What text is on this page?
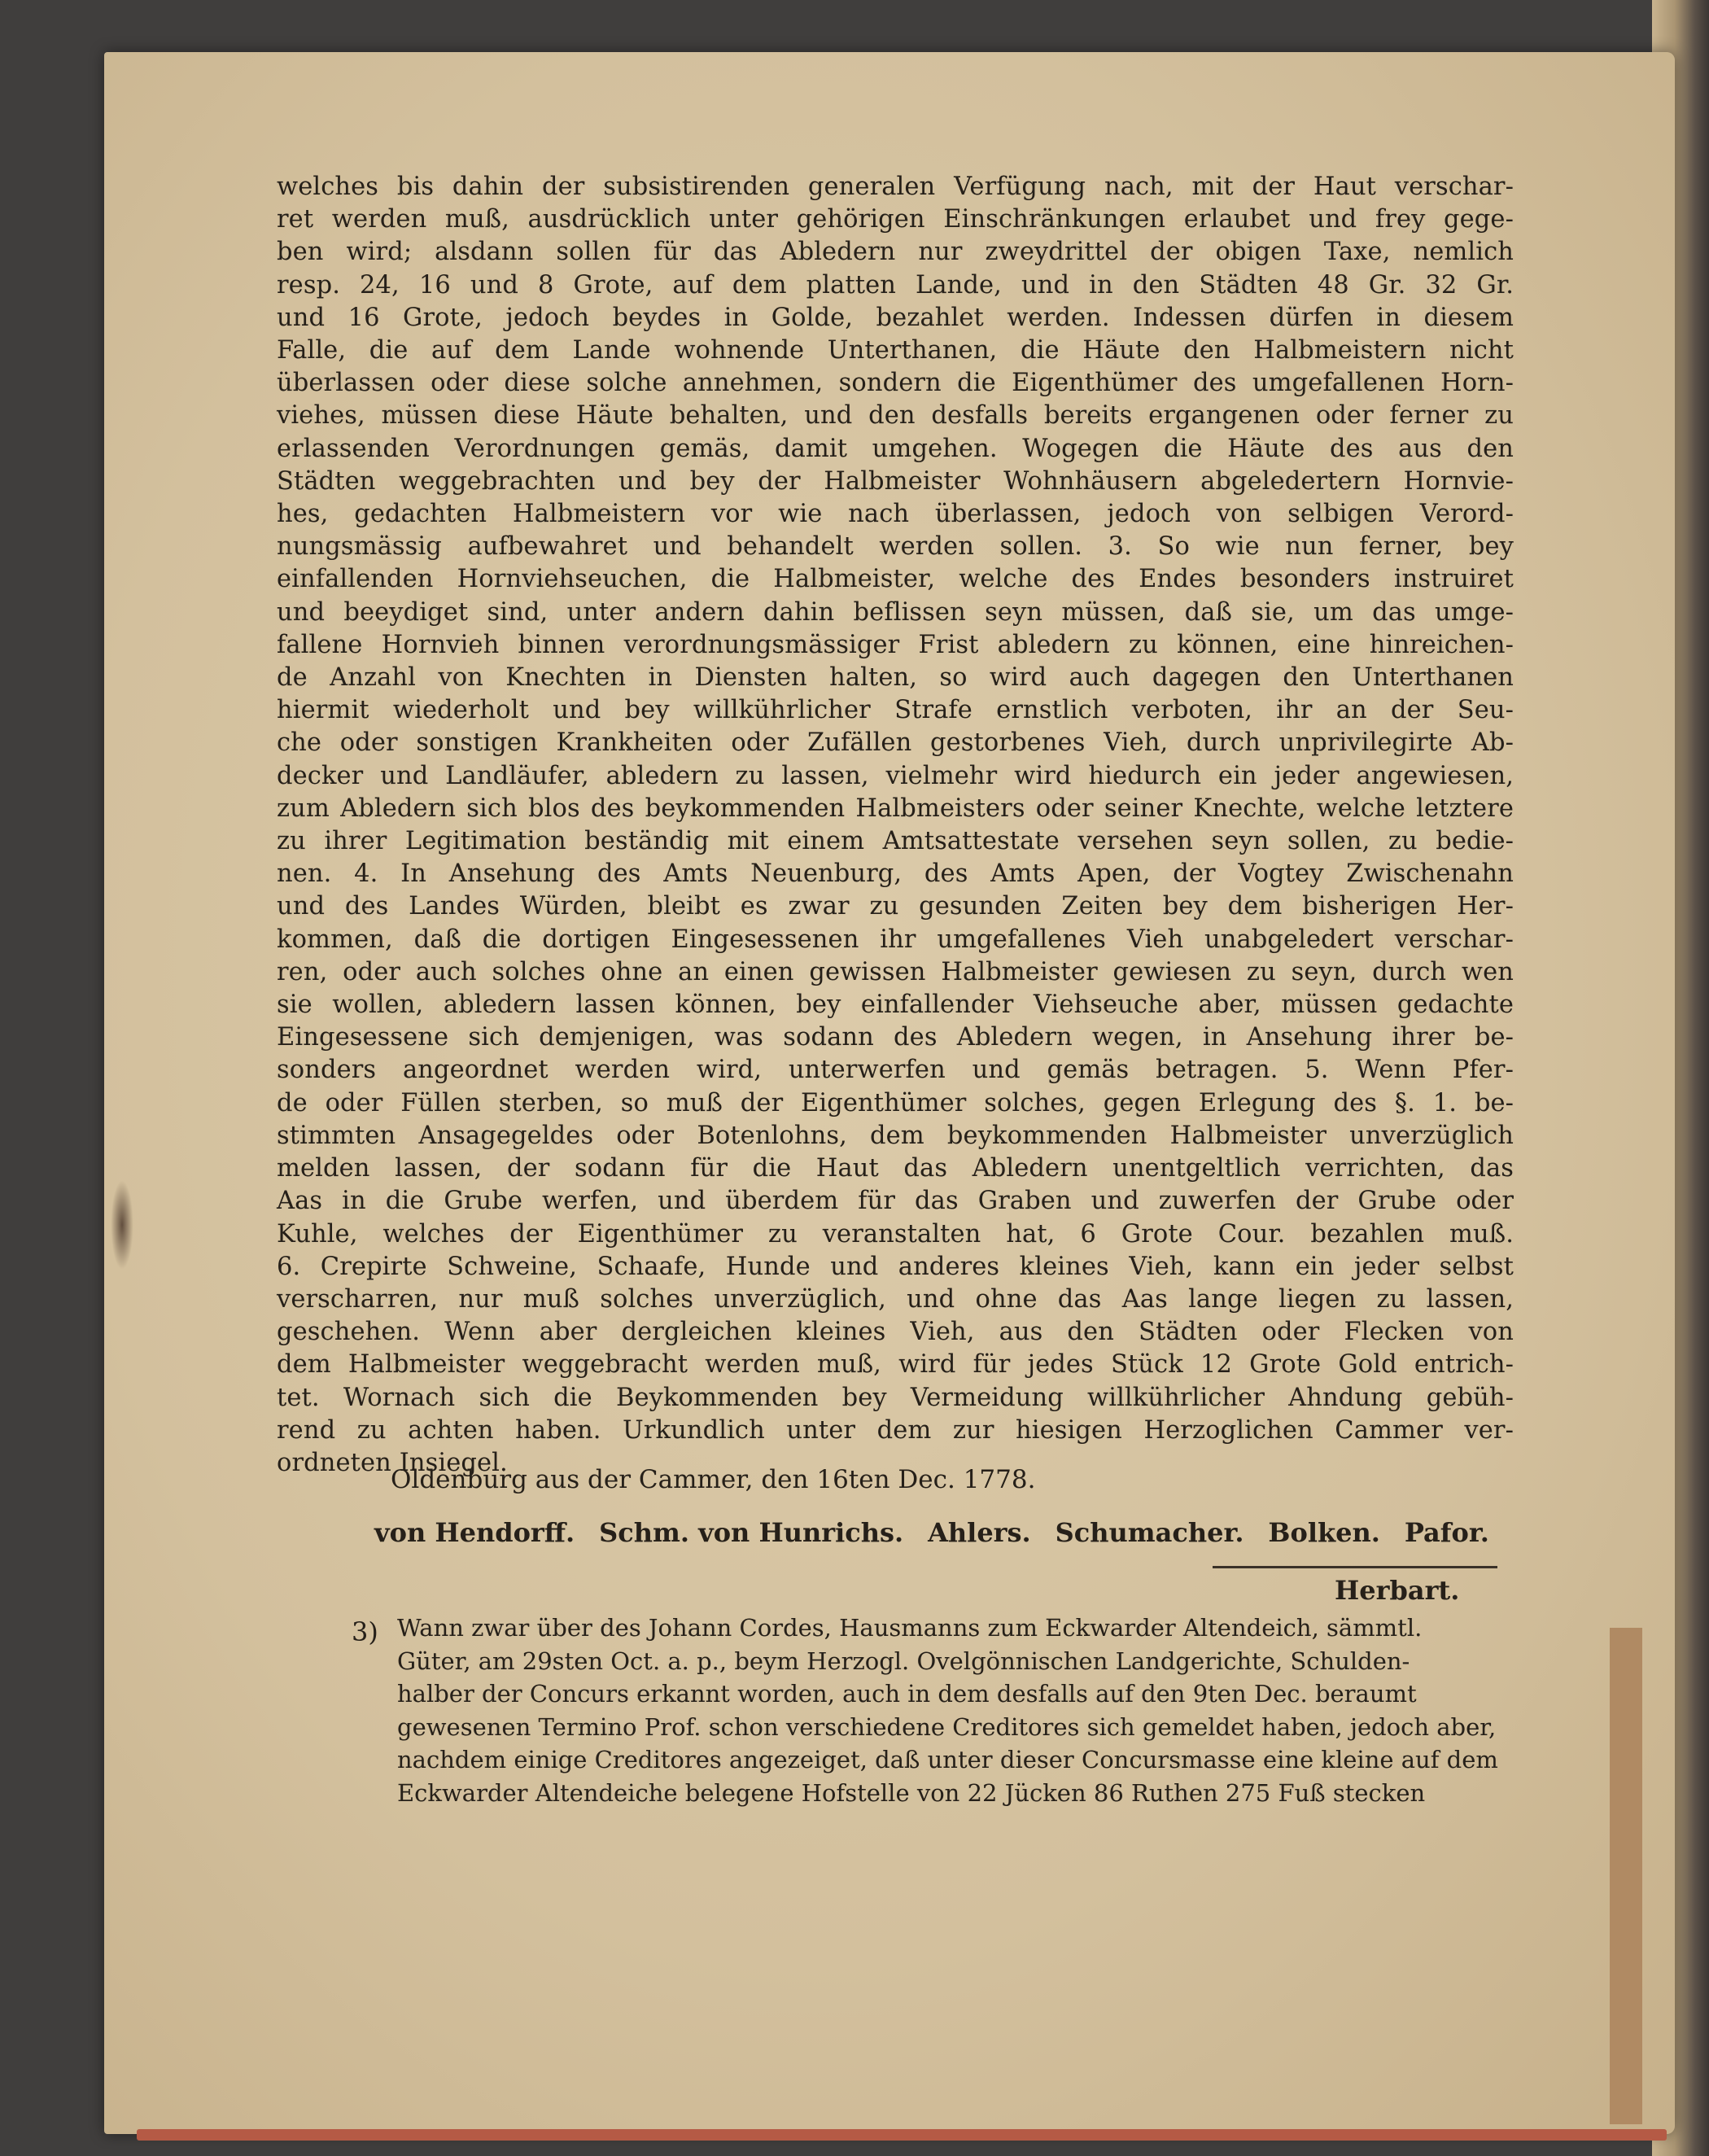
welches bis dahin der subsistirenden generalen Verfügung nach, mit der Haut verschar-

ret werden muß, ausdrücklich unter gehörigen Einschränkungen erlaubet und frey gege-

ben wird; alsdann sollen für das Abledern nur zweydrittel der obigen Taxe, nemlich

resp. 24, 16 und 8 Grote, auf dem platten Lande, und in den Städten 48 Gr. 32 Gr.

und 16 Grote, jedoch beydes in Golde, bezahlet werden. Indessen dürfen in diesem

Falle, die auf dem Lande wohnende Unterthanen, die Häute den Halbmeistern nicht

überlassen oder diese solche annehmen, sondern die Eigenthümer des umgefallenen Horn-

viehes, müssen diese Häute behalten, und den desfalls bereits ergangenen oder ferner zu

erlassenden Verordnungen gemäs, damit umgehen. Wogegen die Häute des aus den

Städten weggebrachten und bey der Halbmeister Wohnhäusern abgeledertern Hornvie-

hes, gedachten Halbmeistern vor wie nach überlassen, jedoch von selbigen Verord-

nungsmässig aufbewahret und behandelt werden sollen. 3. So wie nun ferner, bey

einfallenden Hornviehseuchen, die Halbmeister, welche des Endes besonders instruiret

und beeydiget sind, unter andern dahin beflissen seyn müssen, daß sie, um das umge-

fallene Hornvieh binnen verordnungsmässiger Frist abledern zu können, eine hinreichen-

de Anzahl von Knechten in Diensten halten, so wird auch dagegen den Unterthanen

hiermit wiederholt und bey willkührlicher Strafe ernstlich verboten, ihr an der Seu-

che oder sonstigen Krankheiten oder Zufällen gestorbenes Vieh, durch unprivilegirte Ab-

decker und Landläufer, abledern zu lassen, vielmehr wird hiedurch ein jeder angewiesen,

zum Abledern sich blos des beykommenden Halbmeisters oder seiner Knechte, welche letztere

zu ihrer Legitimation beständig mit einem Amtsattestate versehen seyn sollen, zu bedie-

nen. 4. In Ansehung des Amts Neuenburg, des Amts Apen, der Vogtey Zwischenahn

und des Landes Würden, bleibt es zwar zu gesunden Zeiten bey dem bisherigen Her-

kommen, daß die dortigen Eingesessenen ihr umgefallenes Vieh unabgeledert verschar-

ren, oder auch solches ohne an einen gewissen Halbmeister gewiesen zu seyn, durch wen

sie wollen, abledern lassen können, bey einfallender Viehseuche aber, müssen gedachte

Eingesessene sich demjenigen, was sodann des Abledern wegen, in Ansehung ihrer be-

sonders angeordnet werden wird, unterwerfen und gemäs betragen. 5. Wenn Pfer-

de oder Füllen sterben, so muß der Eigenthümer solches, gegen Erlegung des §. 1. be-

stimmten Ansagegeldes oder Botenlohns, dem beykommenden Halbmeister unverzüglich

melden lassen, der sodann für die Haut das Abledern unentgeltlich verrichten, das

Aas in die Grube werfen, und überdem für das Graben und zuwerfen der Grube oder

Kuhle, welches der Eigenthümer zu veranstalten hat, 6 Grote Cour. bezahlen muß.

6. Crepirte Schweine, Schaafe, Hunde und anderes kleines Vieh, kann ein jeder selbst

verscharren, nur muß solches unverzüglich, und ohne das Aas lange liegen zu lassen,

geschehen. Wenn aber dergleichen kleines Vieh, aus den Städten oder Flecken von

dem Halbmeister weggebracht werden muß, wird für jedes Stück 12 Grote Gold entrich-

tet. Wornach sich die Beykommenden bey Vermeidung willkührlicher Ahndung gebüh-

rend zu achten haben. Urkundlich unter dem zur hiesigen Herzoglichen Cammer ver-

ordneten Insiegel.

Oldenburg aus der Cammer, den 16ten Dec. 1778.
von Hendorff. Schm. von Hunrichs. Ahlers. Schumacher. Bolken. Pafor.
Herbart.
3) Wann zwar über des Johann Cordes, Hausmanns zum Eckwarder Altendeich, sämmtl.

Güter, am 29sten Oct. a. p., beym Herzogl. Ovelgönnischen Landgerichte, Schulden-

halber der Concurs erkannt worden, auch in dem desfalls auf den 9ten Dec. beraumt

gewesenen Termino Prof. schon verschiedene Creditores sich gemeldet haben, jedoch aber,

nachdem einige Creditores angezeiget, daß unter dieser Concursmasse eine kleine auf dem

Eckwarder Altendeiche belegene Hofstelle von 22 Jücken 86 Ruthen 275 Fuß stecken
